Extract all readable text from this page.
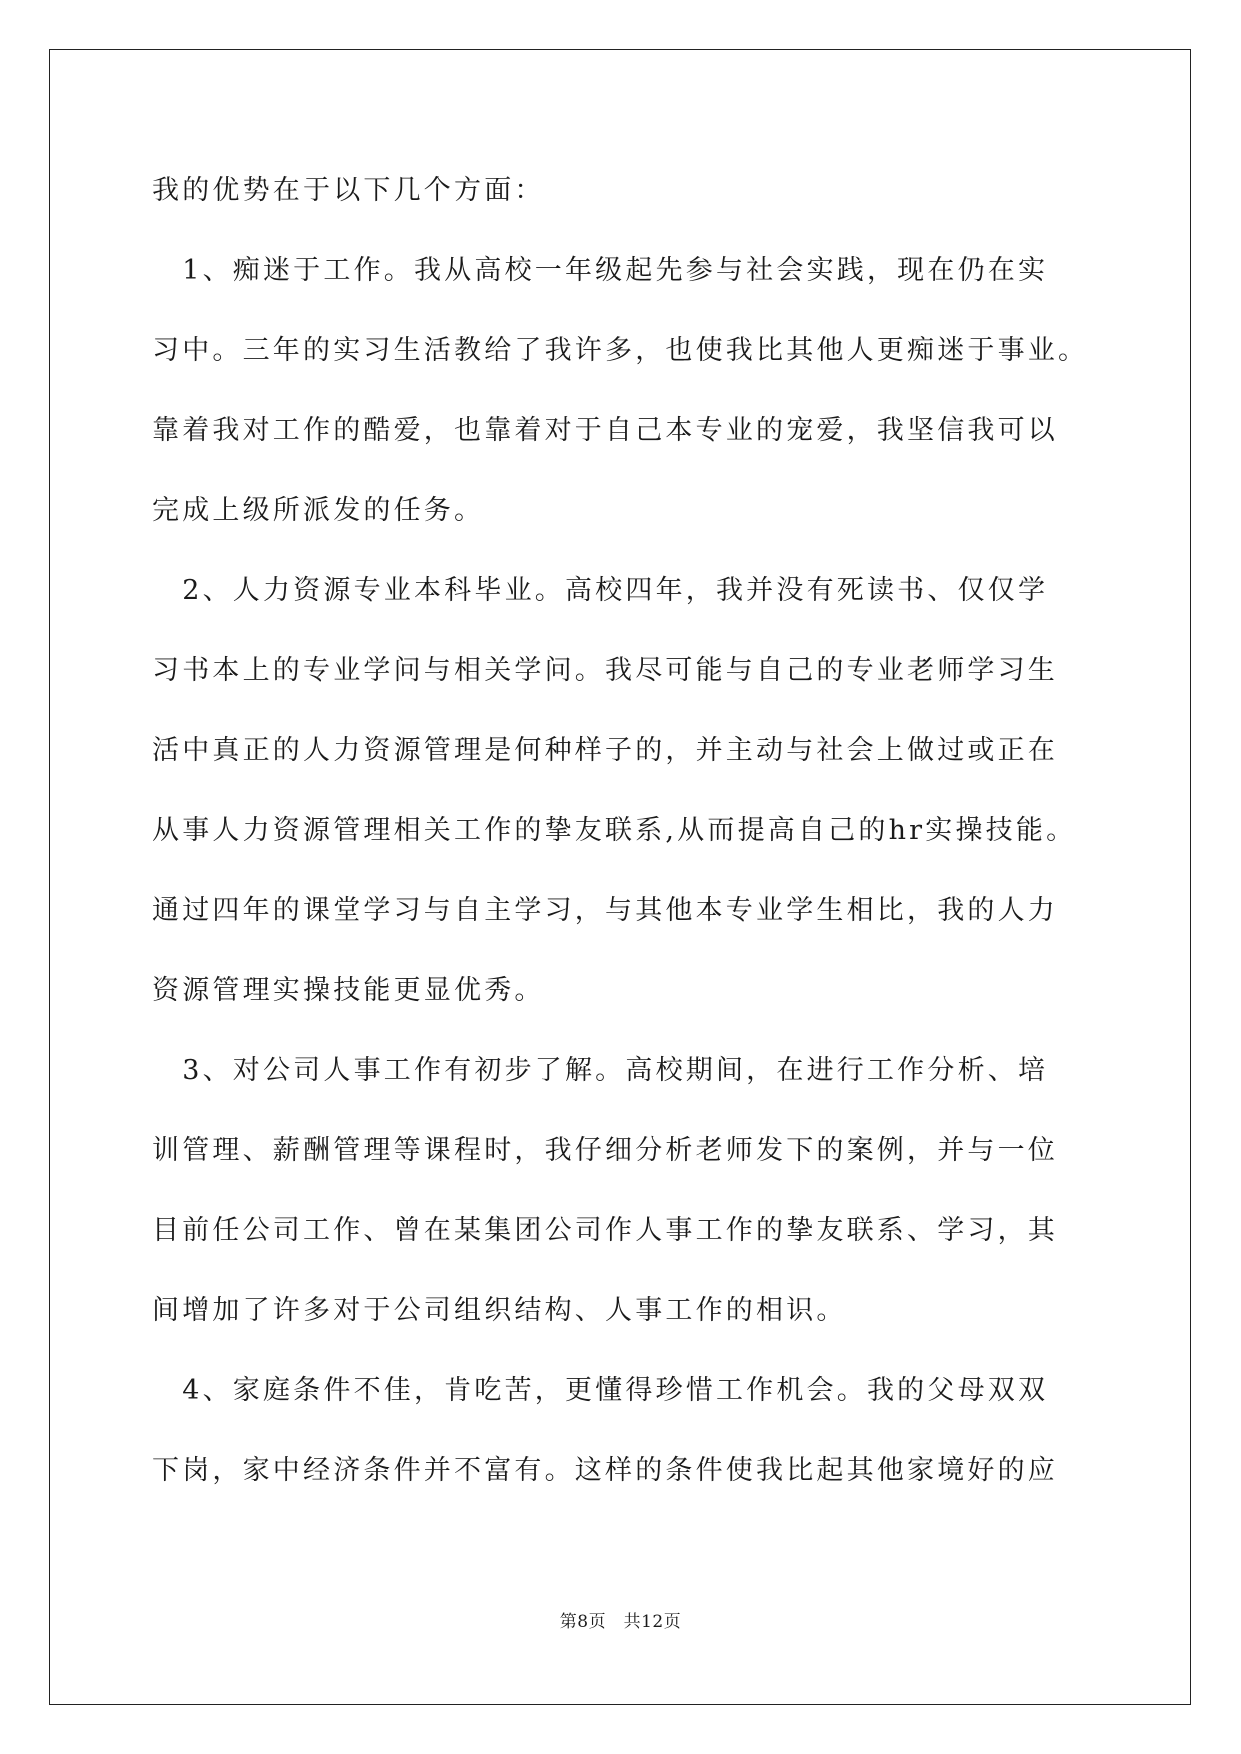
我的优势在于以下几个方面：
　1、痴迷于工作。我从高校一年级起先参与社会实践，现在仍在实
习中。三年的实习生活教给了我许多，也使我比其他人更痴迷于事业。
靠着我对工作的酷爱，也靠着对于自己本专业的宠爱，我坚信我可以
完成上级所派发的任务。
　2、人力资源专业本科毕业。高校四年，我并没有死读书、仅仅学
习书本上的专业学问与相关学问。我尽可能与自己的专业老师学习生
活中真正的人力资源管理是何种样子的，并主动与社会上做过或正在
从事人力资源管理相关工作的挚友联系,从而提高自己的hr实操技能。
通过四年的课堂学习与自主学习，与其他本专业学生相比，我的人力
资源管理实操技能更显优秀。
　3、对公司人事工作有初步了解。高校期间，在进行工作分析、培
训管理、薪酬管理等课程时，我仔细分析老师发下的案例，并与一位
目前任公司工作、曾在某集团公司作人事工作的挚友联系、学习，其
间增加了许多对于公司组织结构、人事工作的相识。
　4、家庭条件不佳，肯吃苦，更懂得珍惜工作机会。我的父母双双
下岗，家中经济条件并不富有。这样的条件使我比起其他家境好的应
第8页　共12页
